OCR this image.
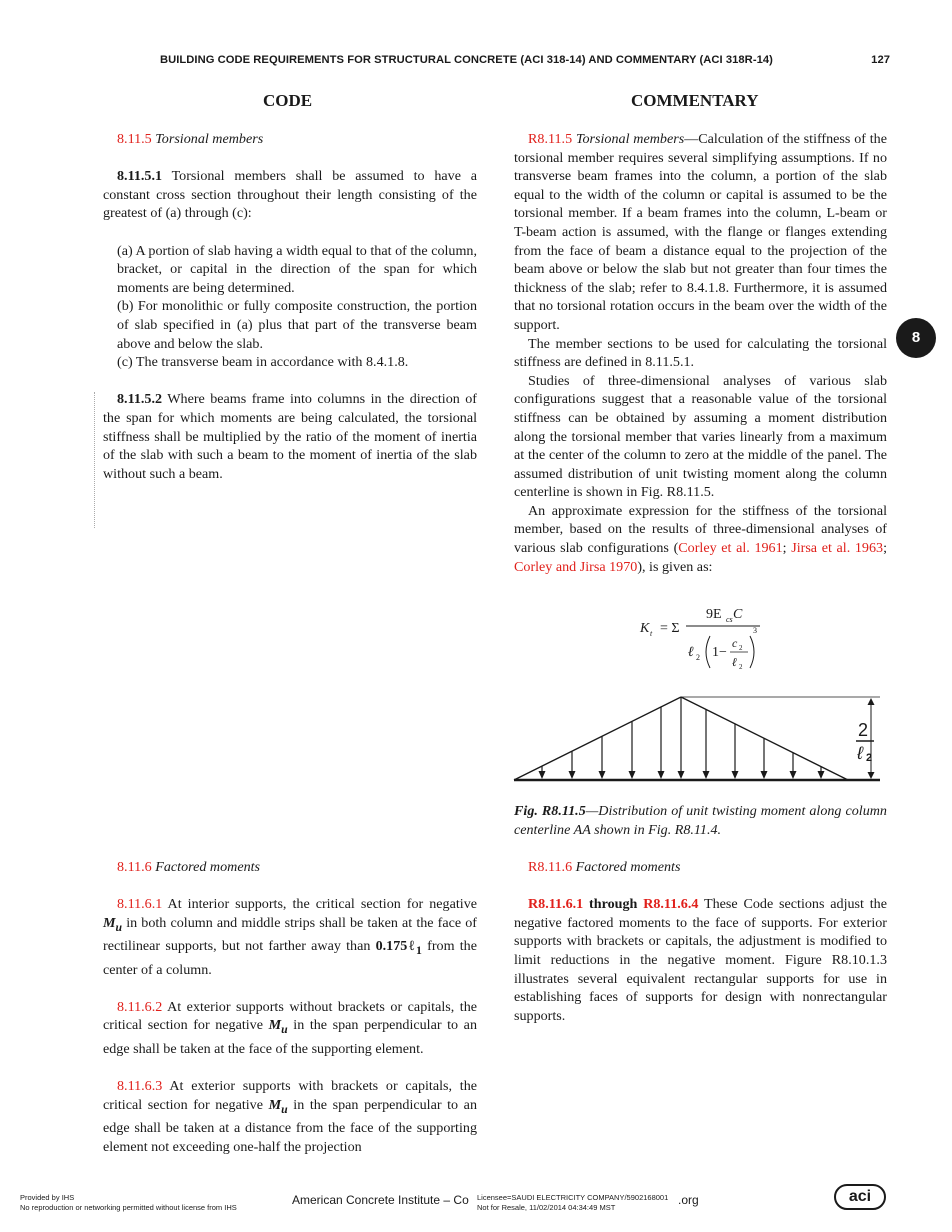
BUILDING CODE REQUIREMENTS FOR STRUCTURAL CONCRETE (ACI 318-14) AND COMMENTARY (ACI 318R-14)	127
CODE	COMMENTARY
8

8.11.5 Torsional members

8.11.5.1 Torsional members shall be assumed to have a constant cross section throughout their length consisting of the greatest of (a) through (c):

(a) A portion of slab having a width equal to that of the column, bracket, or capital in the direction of the span for which moments are being determined.

(b) For monolithic or fully composite construction, the portion of slab specified in (a) plus that part of the transverse beam above and below the slab.

(c) The transverse beam in accordance with 8.4.1.8.

8.11.5.2 Where beams frame into columns in the direction of the span for which moments are being calculated, the torsional stiffness shall be multiplied by the ratio of the moment of inertia of the slab with such a beam to the moment of inertia of the slab without such a beam.

8.11.6 Factored moments

8.11.6.1 At interior supports, the critical section for negative $M_u$ in both column and middle strips shall be taken at the face of rectilinear supports, but not farther away than 0.175ℓ$_1$ from the center of a column.

8.11.6.2 At exterior supports without brackets or capitals, the critical section for negative $M_u$ in the span perpendicular to an edge shall be taken at the face of the supporting element.

8.11.6.3 At exterior supports with brackets or capitals, the critical section for negative $M_u$ in the span perpendicular to an edge shall be taken at a distance from the face of the supporting element not exceeding one-half the projection

R8.11.5 Torsional members—Calculation of the stiffness of the torsional member requires several simplifying assumptions. If no transverse beam frames into the column, a portion of the slab equal to the width of the column or capital is assumed to be the torsional member. If a beam frames into the column, L-beam or T-beam action is assumed, with the flange or flanges extending from the face of beam a distance equal to the projection of the beam above or below the slab but not greater than four times the thickness of the slab; refer to 8.4.1.8. Furthermore, it is assumed that no torsional rotation occurs in the beam over the width of the support.

The member sections to be used for calculating the torsional stiffness are defined in 8.11.5.1.

Studies of three-dimensional analyses of various slab configurations suggest that a reasonable value of the torsional stiffness can be obtained by assuming a moment distribution along the torsional member that varies linearly from a maximum at the center of the column to zero at the middle of the panel. The assumed distribution of unit twisting moment along the column centerline is shown in Fig. R8.11.5.

An approximate expression for the stiffness of the torsional member, based on the results of three-dimensional analyses of various slab configurations (Corley et al. 1961; Jirsa et al. 1963; Corley and Jirsa 1970), is given as:

K t = Σ
9E cs C
ℓ 2 1−
c 2
ℓ 2
3
2
ℓ 2
Fig. R8.11.5—Distribution of unit twisting moment along column centerline AA shown in Fig. R8.11.4.

R8.11.6 Factored moments

R8.11.6.1 through R8.11.6.4 These Code sections adjust the negative factored moments to the face of supports. For exterior supports with brackets or capitals, the adjustment is modified to limit reductions in the negative moment. Figure R8.10.1.3 illustrates several equivalent rectangular supports for use in establishing faces of supports for design with nonrectangular supports.

Provided by IHS
No reproduction or networking permitted without license from IHS
American Concrete Institute – Co Licensee=SAUDI ELECTRICITY COMPANY/5902168001
Not for Resale, 11/02/2014 04:34:49 MST
.org	aci
